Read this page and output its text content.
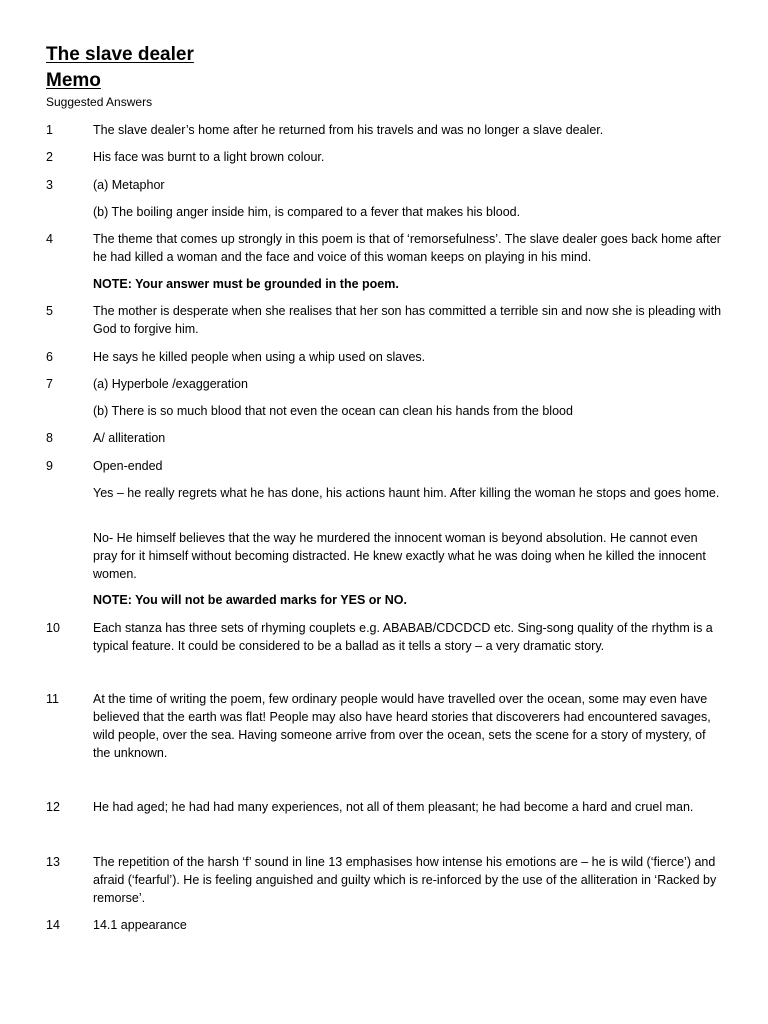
The slave dealer
Memo
Suggested Answers
1	The slave dealer’s home after he returned from his travels and was no longer a slave dealer.
2	His face was burnt to a light brown colour.
3	(a) Metaphor
(b) The boiling anger inside him, is compared to a fever that makes his blood.
4	The theme that comes up strongly in this poem is that of ‘remorsefulness’. The slave dealer goes back home after he had killed a woman and the face and voice of this woman keeps on playing in his mind.
NOTE: Your answer must be grounded in the poem.
5	The mother is desperate when she realises that her son has committed a terrible sin and now she is pleading with God to forgive him.
6	He says he killed people when using a whip used on slaves.
7	(a) Hyperbole /exaggeration
(b) There is so much blood that not even the ocean can clean his hands from the blood
8	A/ alliteration
9	Open-ended
Yes – he really regrets what he has done, his actions haunt him. After killing the woman he stops and goes home.
No- He himself believes that the way he murdered the innocent woman is beyond absolution. He cannot even pray for it himself without becoming distracted. He knew exactly what he was doing when he killed the innocent women.
NOTE: You will not be awarded marks for YES or NO.
10	Each stanza has three sets of rhyming couplets e.g. ABABAB/CDCDCD etc. Sing-song quality of the rhythm is a typical feature. It could be considered to be a ballad as it tells a story – a very dramatic story.
11	At the time of writing the poem, few ordinary people would have travelled over the ocean, some may even have believed that the earth was flat! People may also have heard stories that discoverers had encountered savages, wild people, over the sea. Having someone arrive from over the ocean, sets the scene for a story of mystery, of the unknown.
12	He had aged; he had had many experiences, not all of them pleasant; he had become a hard and cruel man.
13	The repetition of the harsh ‘f’ sound in line 13 emphasises how intense his emotions are – he is wild (‘fierce’) and afraid (‘fearful’). He is feeling anguished and guilty which is re-inforced by the use of the alliteration in ‘Racked by remorse’.
14	14.1 appearance
